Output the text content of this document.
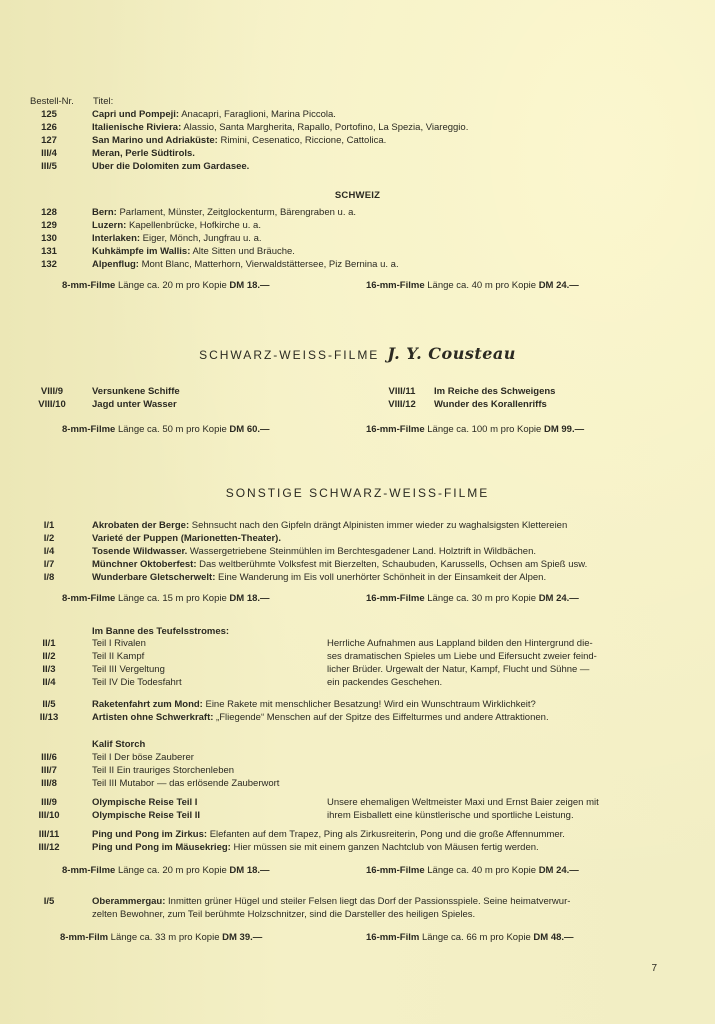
Bestell-Nr. Titel:
125	Capri und Pompeji: Anacapri, Faraglioni, Marina Piccola.
126	Italienische Riviera: Alassio, Santa Margherita, Rapallo, Portofino, La Spezia, Viareggio.
127	San Marino und Adriaküste: Rimini, Cesenatico, Riccione, Cattolica.
III/4	Meran, Perle Südtirols.
III/5	Uber die Dolomiten zum Gardasee.
SCHWEIZ
128	Bern: Parlament, Münster, Zeitglockenturm, Bärengraben u. a.
129	Luzern: Kapellenbrücke, Hofkirche u. a.
130	Interlaken: Eiger, Mönch, Jungfrau u. a.
131	Kuhkämpfe im Wallis: Alte Sitten und Bräuche.
132	Alpenflug: Mont Blanc, Matterhorn, Vierwaldstättersee, Piz Bernina u. a.
8-mm-Filme Länge ca. 20 m pro Kopie DM 18.—	16-mm-Filme Länge ca. 40 m pro Kopie DM 24.—
SCHWARZ-WEISS-FILME J. Y. Cousteau
VIII/9	Versunkene Schiffe
VIII/10	Jagd unter Wasser
VIII/11	Im Reiche des Schweigens
VIII/12	Wunder des Korallenriffs
8-mm-Filme Länge ca. 50 m pro Kopie DM 60.—	16-mm-Filme Länge ca. 100 m pro Kopie DM 99.—
SONSTIGE SCHWARZ-WEISS-FILME
I/1	Akrobaten der Berge: Sehnsucht nach den Gipfeln drängt Alpinisten immer wieder zu waghalsigsten Klettereien
I/2	Varieté der Puppen (Marionetten-Theater).
I/4	Tosende Wildwasser. Wassergetriebene Steinmühlen im Berchtesgadener Land. Holztrift in Wildbächen.
I/7	Münchner Oktoberfest: Das weltberühmte Volksfest mit Bierzelten, Schaubuden, Karussells, Ochsen am Spieß usw.
I/8	Wunderbare Gletscherwelt: Eine Wanderung im Eis voll unerhörter Schönheit in der Einsamkeit der Alpen.
8-mm-Filme Länge ca. 15 m pro Kopie DM 18.—	16-mm-Filme Länge ca. 30 m pro Kopie DM 24.—
Im Banne des Teufelsstromes:
II/1	Teil I Rivalen
II/2	Teil II Kampf
II/3	Teil III Vergeltung
II/4	Teil IV Die Todesfahrt
Herrliche Aufnahmen aus Lappland bilden den Hintergrund die-
ses dramatischen Spieles um Liebe und Eifersucht zweier feind-
licher Brüder. Urgewalt der Natur, Kampf, Flucht und Sühne —
ein packendes Geschehen.
II/5	Raketenfahrt zum Mond: Eine Rakete mit menschlicher Besatzung! Wird ein Wunschtraum Wirklichkeit?
II/13	Artisten ohne Schwerkraft: „Fliegende“ Menschen auf der Spitze des Eiffelturmes und andere Attraktionen.
Kalif Storch
III/6	Teil I Der böse Zauberer
III/7	Teil II Ein trauriges Storchenleben
III/8	Teil III Mutabor — das erlösende Zauberwort
III/9	Olympische Reise Teil I
III/10	Olympische Reise Teil II
Unsere ehemaligen Weltmeister Maxi und Ernst Baier zeigen mit
ihrem Eisballett eine künstlerische und sportliche Leistung.
III/11	Ping und Pong im Zirkus: Elefanten auf dem Trapez, Ping als Zirkusreiterin, Pong und die große Affennummer.
III/12	Ping und Pong im Mäusekrieg: Hier müssen sie mit einem ganzen Nachtclub von Mäusen fertig werden.
8-mm-Filme Länge ca. 20 m pro Kopie DM 18.—	16-mm-Filme Länge ca. 40 m pro Kopie DM 24.—
I/5	Oberammergau: Inmitten grüner Hügel und steiler Felsen liegt das Dorf der Passionsspiele. Seine heimatverwur-
zelten Bewohner, zum Teil berühmte Holzschnitzer, sind die Darsteller des heiligen Spieles.
8-mm-Film Länge ca. 33 m pro Kopie DM 39.—	16-mm-Film Länge ca. 66 m pro Kopie DM 48.—
7
